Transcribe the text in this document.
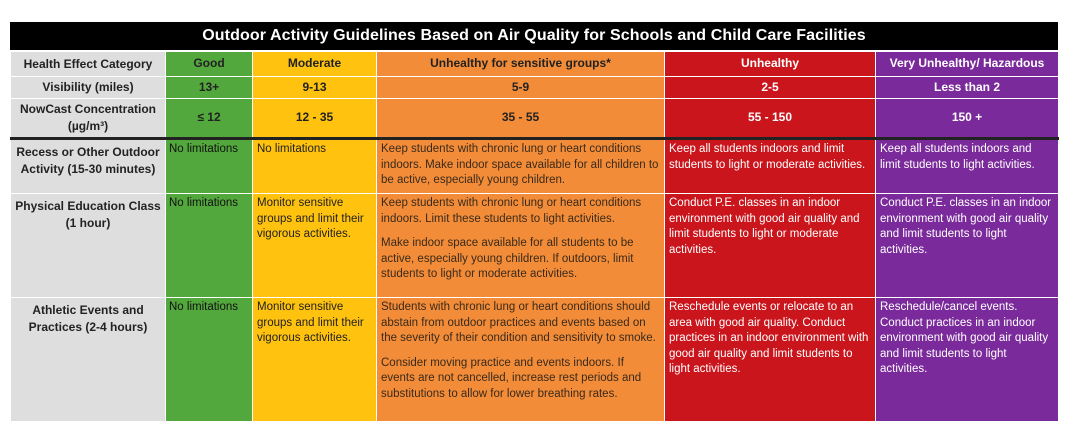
Outdoor Activity Guidelines Based on Air Quality for Schools and Child Care Facilities
Health Effect Category	Good	Moderate	Unhealthy for sensitive groups*	Unhealthy	Very Unhealthy/ Hazardous
Visibility (miles)	13+	9-13	5-9	2-5	Less than 2
NowCast Concentration (µg/m³)	≤ 12	12 - 35	35 - 55	55 - 150	150 +
Recess or Other Outdoor Activity (15-30 minutes)	No limitations	No limitations	Keep students with chronic lung or heart conditions indoors. Make indoor space available for all children to be active, especially young children.	Keep all students indoors and limit students to light or moderate activities.	Keep all students indoors and limit students to light activities.
Physical Education Class (1 hour)	No limitations	Monitor sensitive groups and limit their vigorous activities.	Keep students with chronic lung or heart conditions indoors. Limit these students to light activities.
Make indoor space available for all students to be active, especially young children. If outdoors, limit students to light or moderate activities.	Conduct P.E. classes in an indoor environment with good air quality and limit students to light or moderate activities.	Conduct P.E. classes in an indoor environment with good air quality and limit students to light activities.
Athletic Events and Practices (2-4 hours)	No limitations	Monitor sensitive groups and limit their vigorous activities.	Students with chronic lung or heart conditions should abstain from outdoor practices and events based on the severity of their condition and sensitivity to smoke.
Consider moving practice and events indoors. If events are not cancelled, increase rest periods and substitutions to allow for lower breathing rates.	Reschedule events or relocate to an area with good air quality. Conduct practices in an indoor environment with good air quality and limit students to light activities.	Reschedule/cancel events. Conduct practices in an indoor environment with good air quality and limit students to light activities.
